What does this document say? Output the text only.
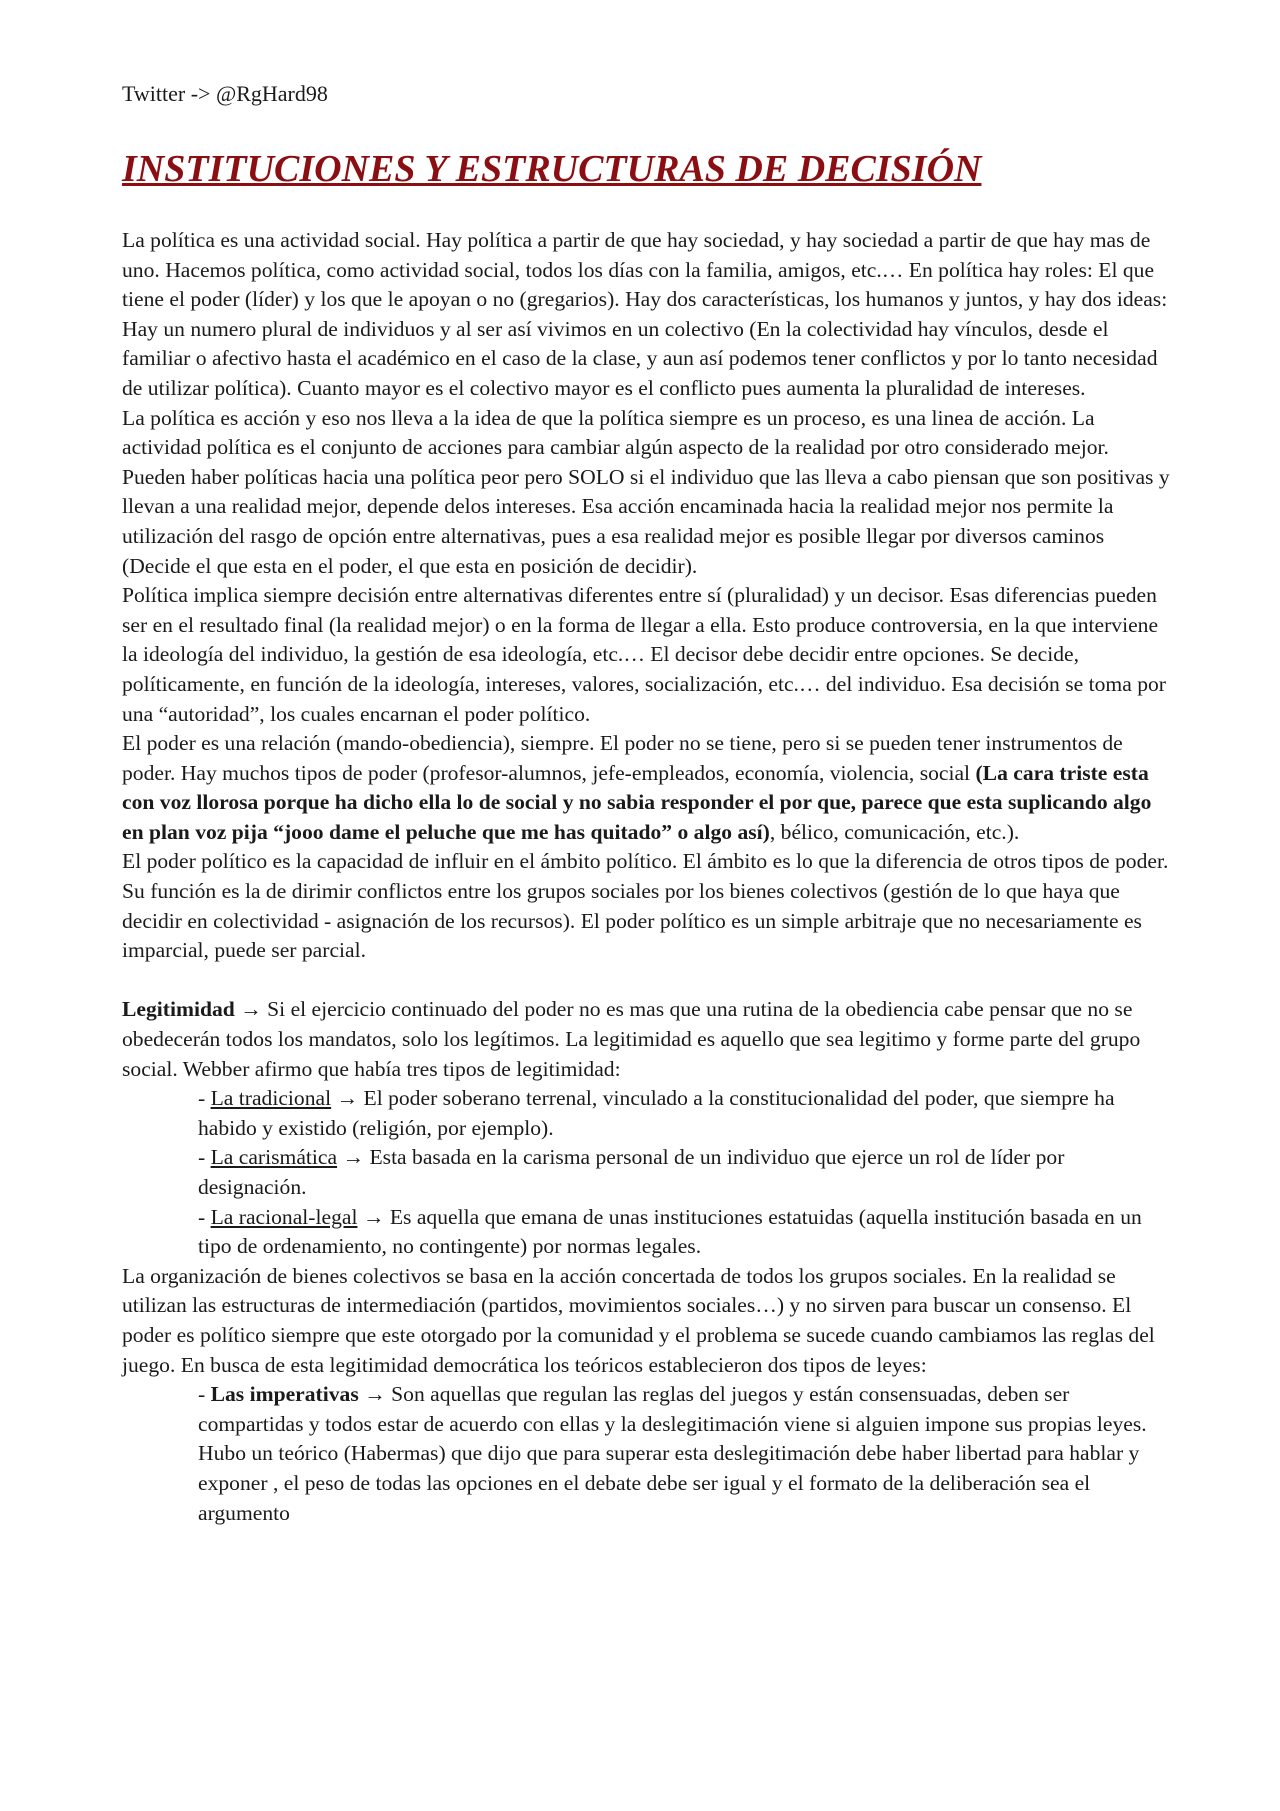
Twitter -> @RgHard98
INSTITUCIONES Y ESTRUCTURAS DE DECISIÓN

La política es una actividad social. Hay política a partir de que hay sociedad, y hay sociedad a partir de que hay mas de uno. Hacemos política, como actividad social, todos los días con la familia, amigos, etc.… En política hay roles: El que tiene el poder (líder) y los que le apoyan o no (gregarios). Hay dos características, los humanos y juntos, y hay dos ideas: Hay un numero plural de individuos y al ser así vivimos en un colectivo (En la colectividad hay vínculos, desde el familiar o afectivo hasta el académico en el caso de la clase, y aun así podemos tener conflictos y por lo tanto necesidad de utilizar política). Cuanto mayor es el colectivo mayor es el conflicto pues aumenta la pluralidad de intereses.

La política es acción y eso nos lleva a la idea de que la política siempre es un proceso, es una linea de acción. La actividad política es el conjunto de acciones para cambiar algún aspecto de la realidad por otro considerado mejor. Pueden haber políticas hacia una política peor pero SOLO si el individuo que las lleva a cabo piensan que son positivas y llevan a una realidad mejor, depende delos intereses. Esa acción encaminada hacia la realidad mejor nos permite la utilización del rasgo de opción entre alternativas, pues a esa realidad mejor es posible llegar por diversos caminos (Decide el que esta en el poder, el que esta en posición de decidir).

Política implica siempre decisión entre alternativas diferentes entre sí (pluralidad) y un decisor. Esas diferencias pueden ser en el resultado final (la realidad mejor) o en la forma de llegar a ella. Esto produce controversia, en la que interviene la ideología del individuo, la gestión de esa ideología, etc.… El decisor debe decidir entre opciones. Se decide, políticamente, en función de la ideología, intereses, valores, socialización, etc.… del individuo. Esa decisión se toma por una “autoridad”, los cuales encarnan el poder político.

El poder es una relación (mando-obediencia), siempre. El poder no se tiene, pero si se pueden tener instrumentos de poder. Hay muchos tipos de poder (profesor-alumnos, jefe-empleados, economía, violencia, social (La cara triste esta con voz llorosa porque ha dicho ella lo de social y no sabia responder el por que, parece que esta suplicando algo en plan voz pija “jooo dame el peluche que me has quitado” o algo así), bélico, comunicación, etc.).

El poder político es la capacidad de influir en el ámbito político. El ámbito es lo que la diferencia de otros tipos de poder. Su función es la de dirimir conflictos entre los grupos sociales por los bienes colectivos (gestión de lo que haya que decidir en colectividad - asignación de los recursos). El poder político es un simple arbitraje que no necesariamente es imparcial, puede ser parcial.

Legitimidad → Si el ejercicio continuado del poder no es mas que una rutina de la obediencia cabe pensar que no se obedecerán todos los mandatos, solo los legítimos. La legitimidad es aquello que sea legitimo y forme parte del grupo social. Webber afirmo que había tres tipos de legitimidad:

- La tradicional → El poder soberano terrenal, vinculado a la constitucionalidad del poder, que siempre ha habido y existido (religión, por ejemplo).

- La carismática → Esta basada en la carisma personal de un individuo que ejerce un rol de líder por designación.

- La racional-legal → Es aquella que emana de unas instituciones estatuidas (aquella institución basada en un tipo de ordenamiento, no contingente) por normas legales.

La organización de bienes colectivos se basa en la acción concertada de todos los grupos sociales. En la realidad se utilizan las estructuras de intermediación (partidos, movimientos sociales…) y no sirven para buscar un consenso. El poder es político siempre que este otorgado por la comunidad y el problema se sucede cuando cambiamos las reglas del juego. En busca de esta legitimidad democrática los teóricos establecieron dos tipos de leyes:

- Las imperativas → Son aquellas que regulan las reglas del juegos y están consensuadas, deben ser compartidas y todos estar de acuerdo con ellas y la deslegitimación viene si alguien impone sus propias leyes. Hubo un teórico (Habermas) que dijo que para superar esta deslegitimación debe haber libertad para hablar y exponer , el peso de todas las opciones en el debate debe ser igual y el formato de la deliberación sea el argumento
